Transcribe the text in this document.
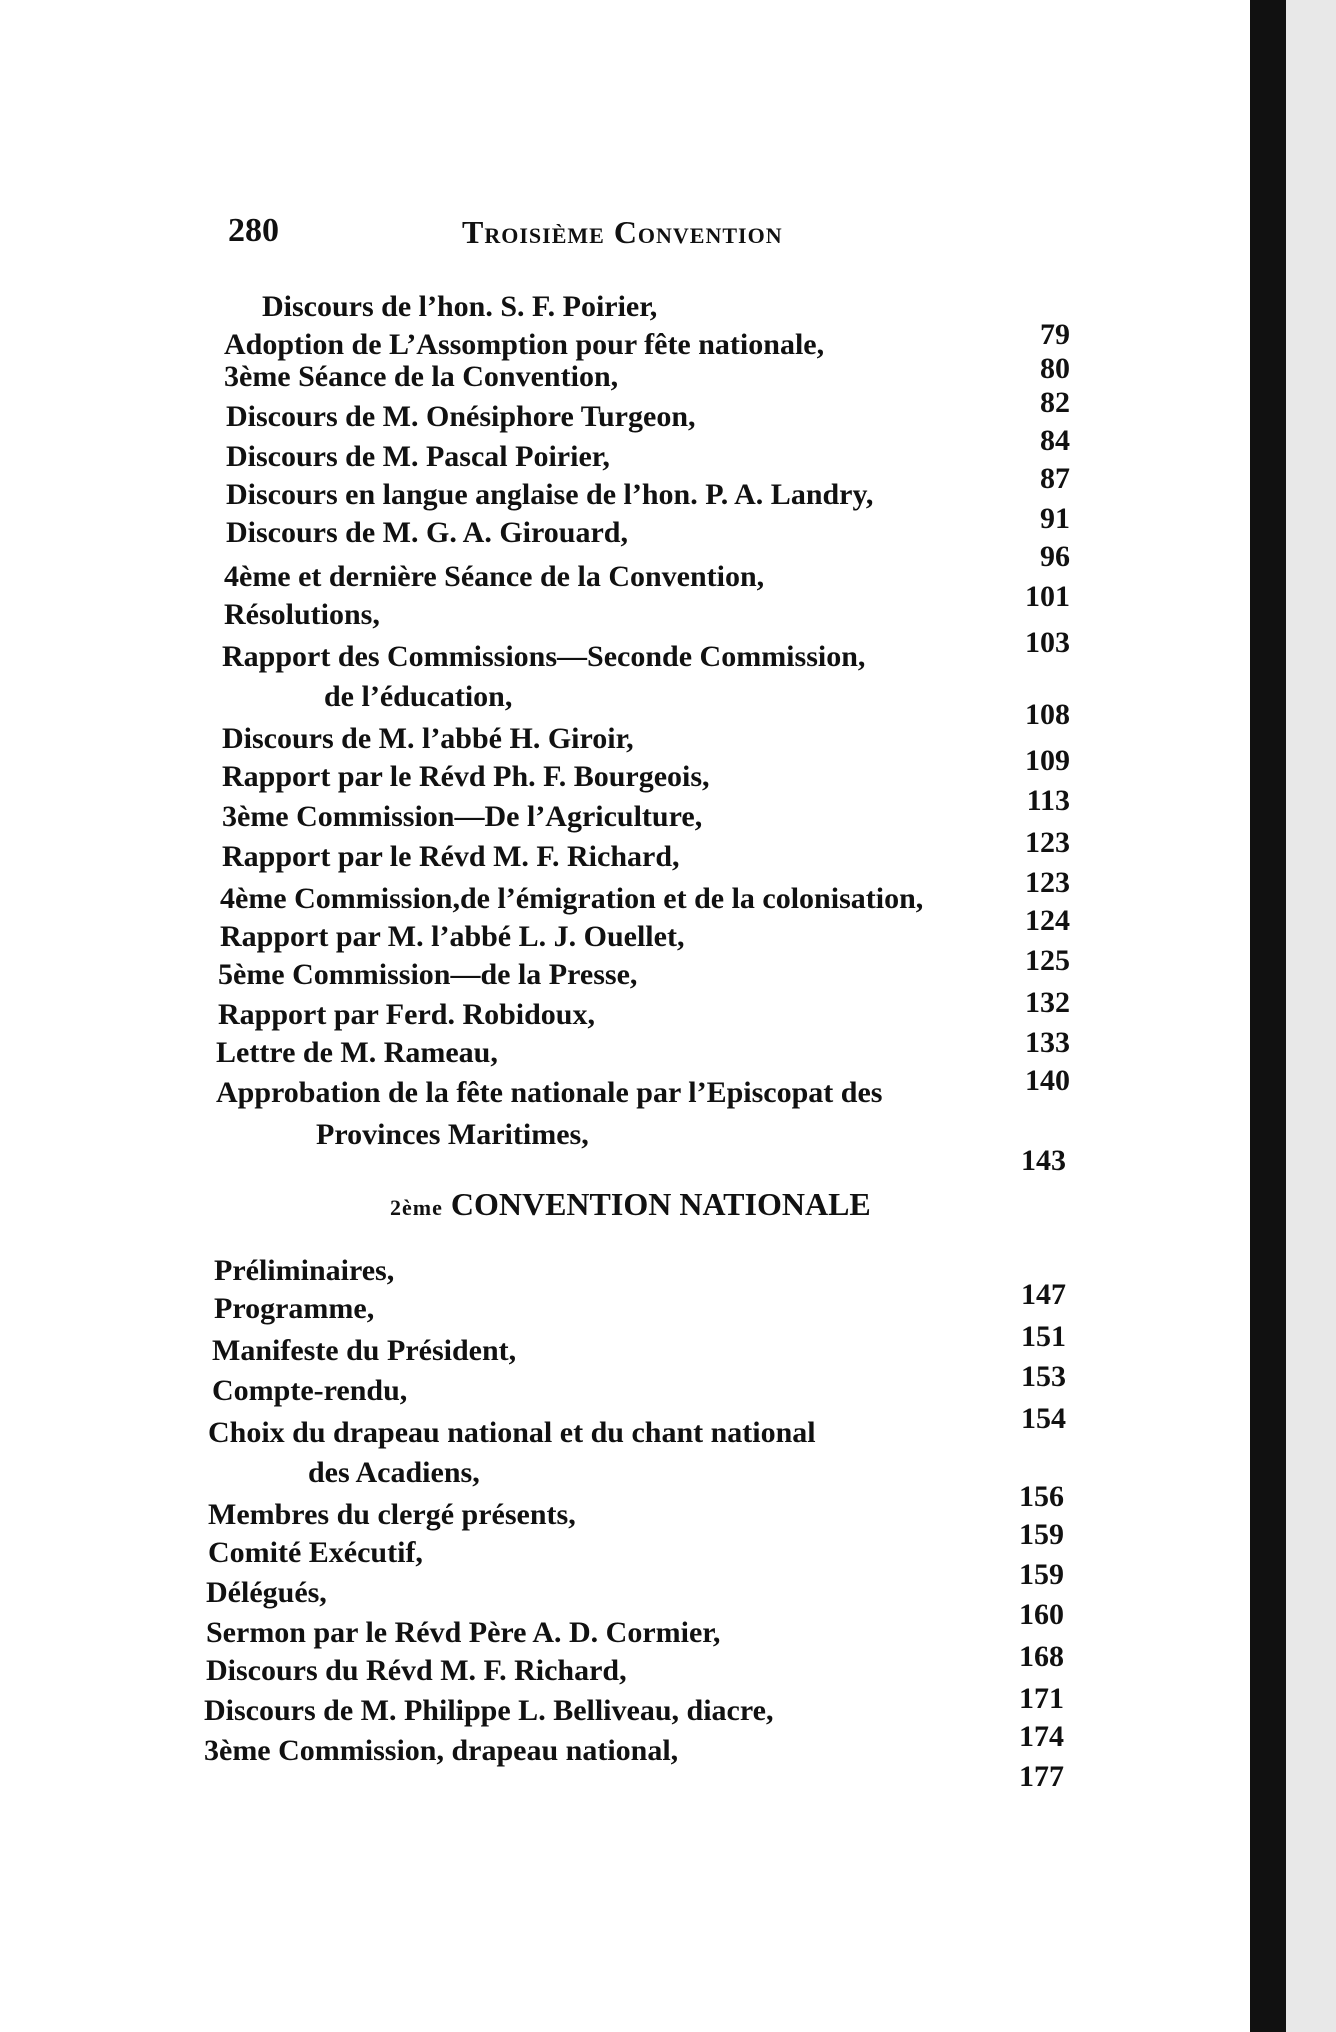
280	Troisième Convention
Discours de l’hon. S. F. Poirier,
79
Adoption de L’Assomption pour fête nationale,
80
3ème Séance de la Convention,
82
Discours de M. Onésiphore Turgeon,
84
Discours de M. Pascal Poirier,
87
Discours en langue anglaise de l’hon. P. A. Landry,
91
Discours de M. G. A. Girouard,
96
4ème et dernière Séance de la Convention,
101
Résolutions,
103
Rapport des Commissions—Seconde Commission,
de l’éducation,
108
Discours de M. l’abbé H. Giroir,
109
Rapport par le Révd Ph. F. Bourgeois,
113
3ème Commission—De l’Agriculture,
123
Rapport par le Révd M. F. Richard,
123
4ème Commission,de l’émigration et de la colonisation,
124
Rapport par M. l’abbé L. J. Ouellet,
125
5ème Commission—de la Presse,
132
Rapport par Ferd. Robidoux,
133
Lettre de M. Rameau,
140
Approbation de la fête nationale par l’Episcopat des
Provinces Maritimes,
143
2ème CONVENTION NATIONALE
Préliminaires,
147
Programme,
151
Manifeste du Président,
153
Compte-rendu,
154
Choix du drapeau national et du chant national
des Acadiens,
156
Membres du clergé présents,
159
Comité Exécutif,
159
Délégués,
160
Sermon par le Révd Père A. D. Cormier,
168
Discours du Révd M. F. Richard,
171
Discours de M. Philippe L. Belliveau, diacre,
174
3ème Commission, drapeau national,
177
